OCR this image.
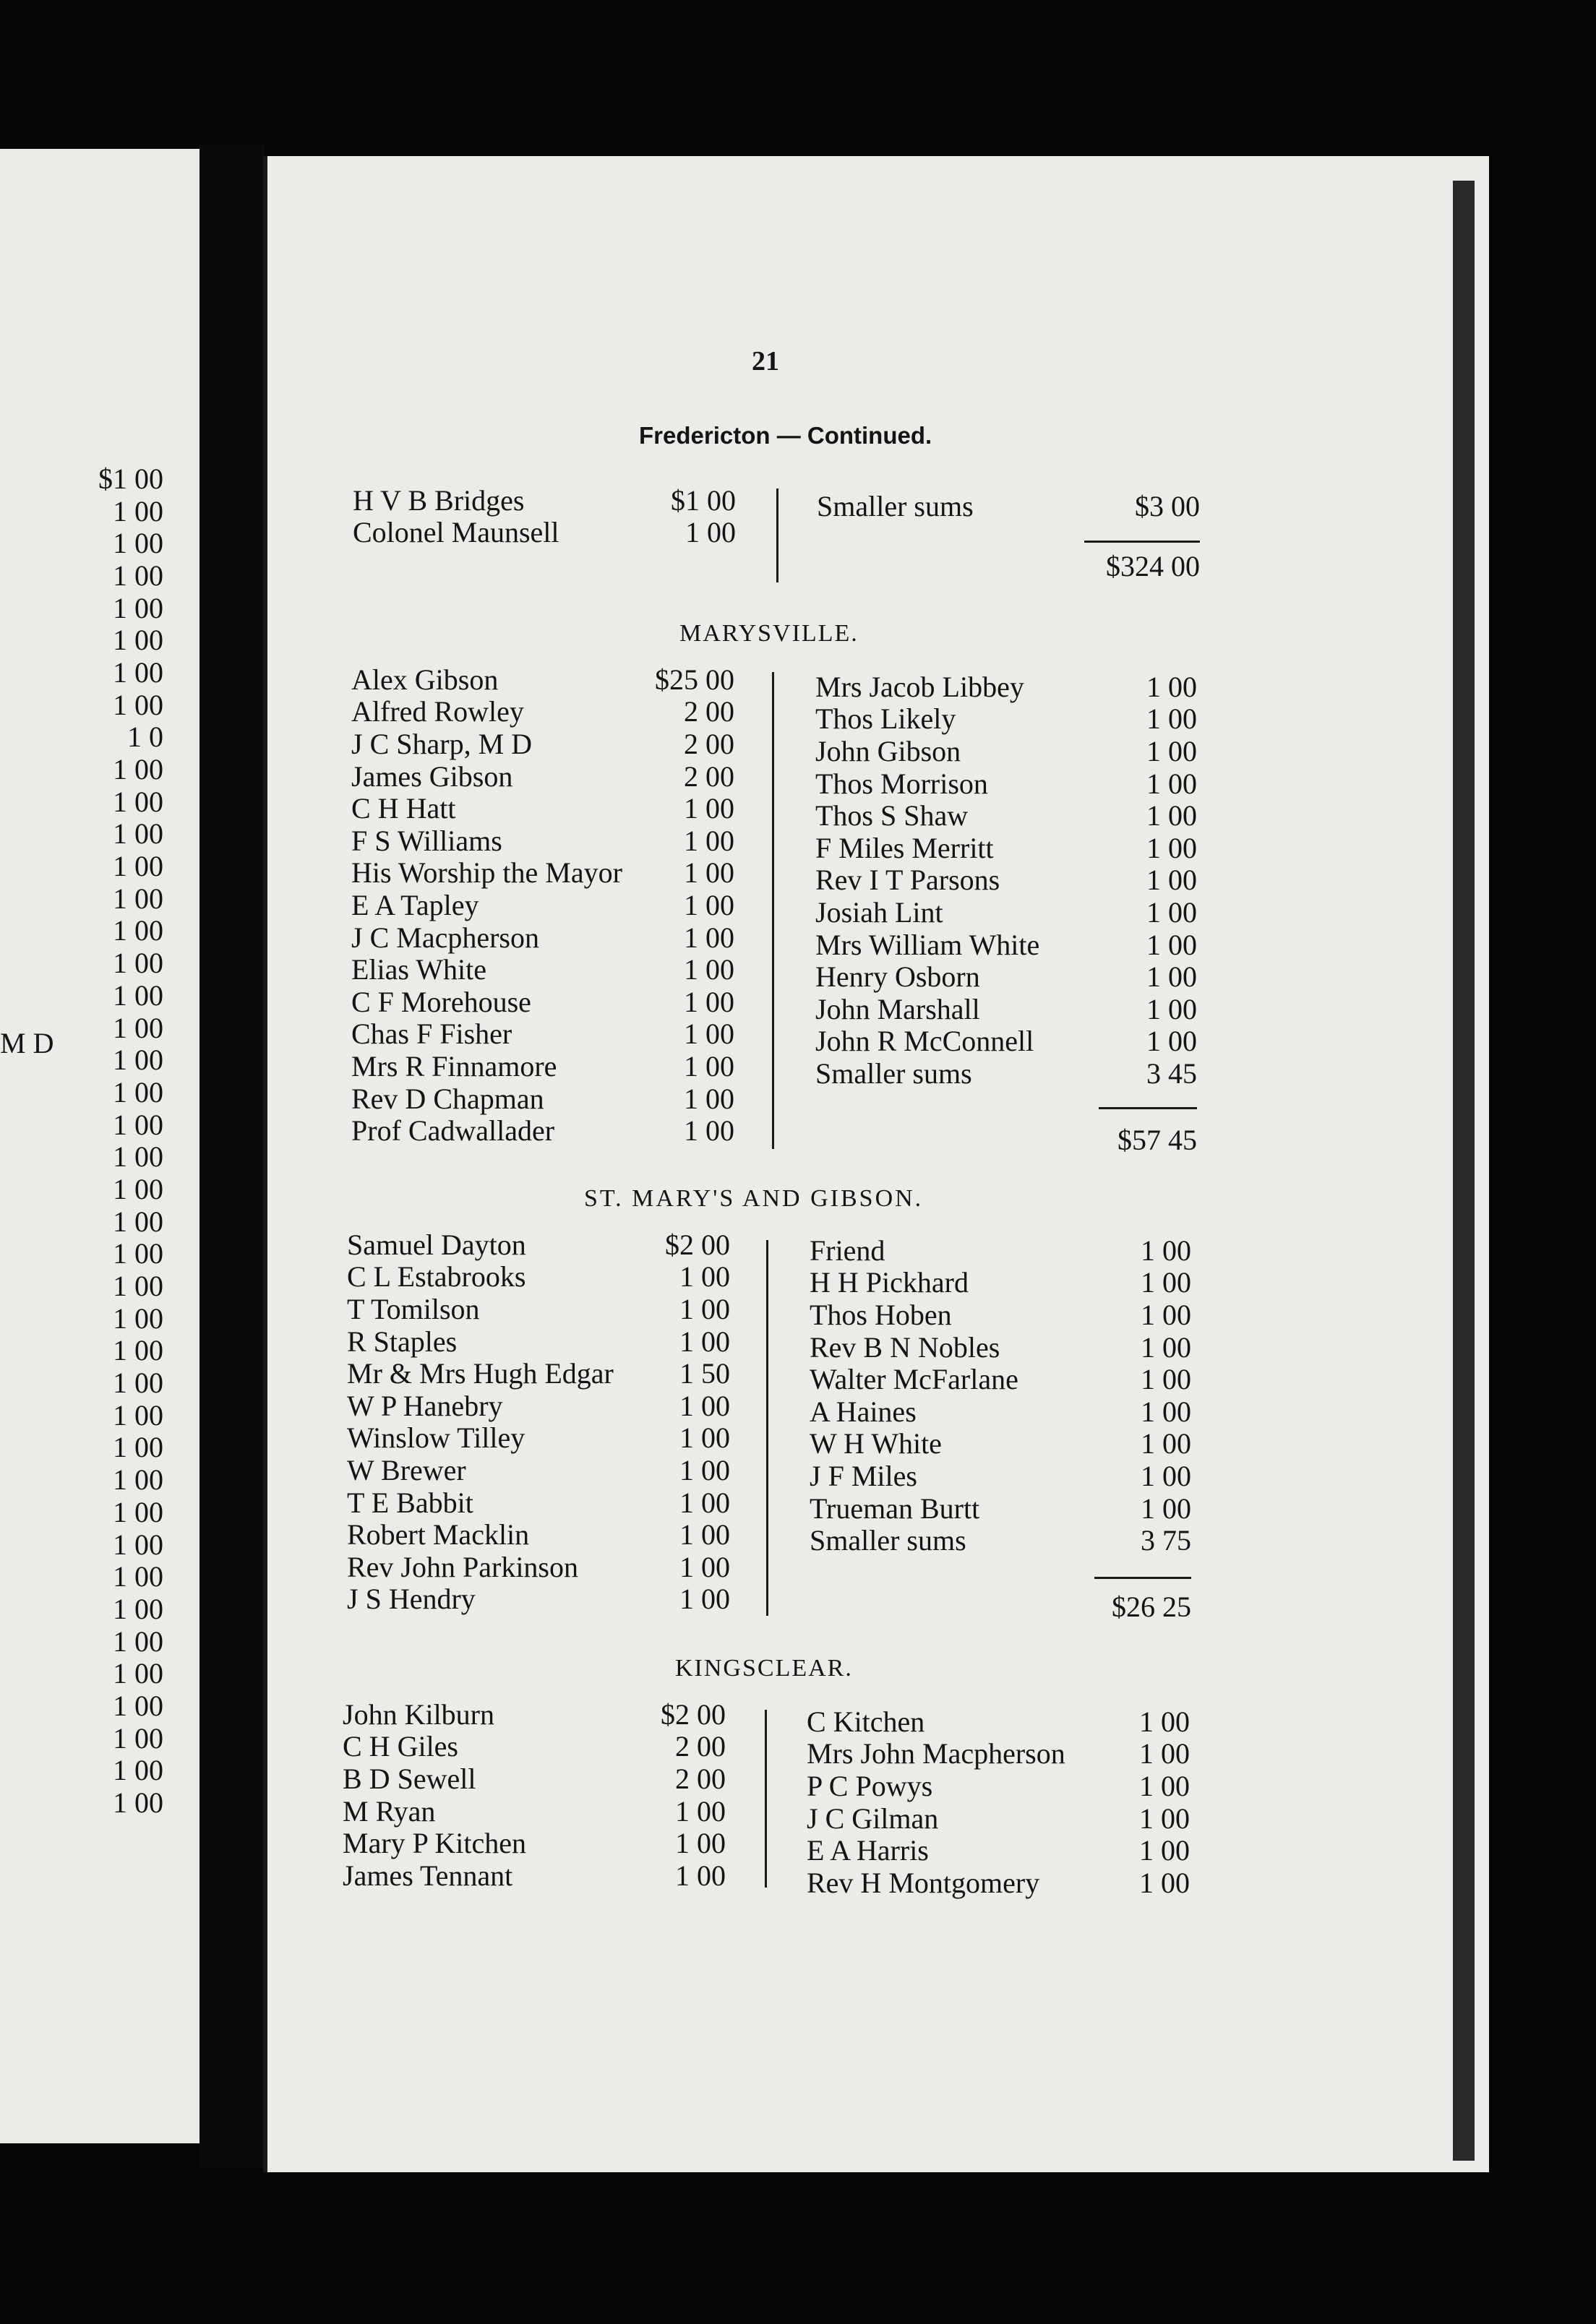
M D
$1 00
1 00
1 00
1 00
1 00
1 00
1 00
1 00
1 0
1 00
1 00
1 00
1 00
1 00
1 00
1 00
1 00
1 00
1 00
1 00
1 00
1 00
1 00
1 00
1 00
1 00
1 00
1 00
1 00
1 00
1 00
1 00
1 00
1 00
1 00
1 00
1 00
1 00
1 00
1 00
1 00
1 00
21
Fredericton — Continued.
H V B Bridges	$1 00
Colonel Maunsell	1 00
Smaller sums	$3 00
$324 00
MARYSVILLE.
Alex Gibson	$25 00
Alfred Rowley	2 00
J C Sharp, M D	2 00
James Gibson	2 00
C H Hatt	1 00
F S Williams	1 00
His Worship the Mayor	1 00
E A Tapley	1 00
J C Macpherson	1 00
Elias White	1 00
C F Morehouse	1 00
Chas F Fisher	1 00
Mrs R Finnamore	1 00
Rev D Chapman	1 00
Prof Cadwallader	1 00
Mrs Jacob Libbey	1 00
Thos Likely	1 00
John Gibson	1 00
Thos Morrison	1 00
Thos S Shaw	1 00
F Miles Merritt	1 00
Rev I T Parsons	1 00
Josiah Lint	1 00
Mrs William White	1 00
Henry Osborn	1 00
John Marshall	1 00
John R McConnell	1 00
Smaller sums	3 45
$57 45
ST. MARY'S AND GIBSON.
Samuel Dayton	$2 00
C L Estabrooks	1 00
T Tomilson	1 00
R Staples	1 00
Mr & Mrs Hugh Edgar	1 50
W P Hanebry	1 00
Winslow Tilley	1 00
W Brewer	1 00
T E Babbit	1 00
Robert Macklin	1 00
Rev John Parkinson	1 00
J S Hendry	1 00
Friend	1 00
H H Pickhard	1 00
Thos Hoben	1 00
Rev B N Nobles	1 00
Walter McFarlane	1 00
A Haines	1 00
W H White	1 00
J F Miles	1 00
Trueman Burtt	1 00
Smaller sums	3 75
$26 25
KINGSCLEAR.
John Kilburn	$2 00
C H Giles	2 00
B D Sewell	2 00
M Ryan	1 00
Mary P Kitchen	1 00
James Tennant	1 00
C Kitchen	1 00
Mrs John Macpherson	1 00
P C Powys	1 00
J C Gilman	1 00
E A Harris	1 00
Rev H Montgomery	1 00
